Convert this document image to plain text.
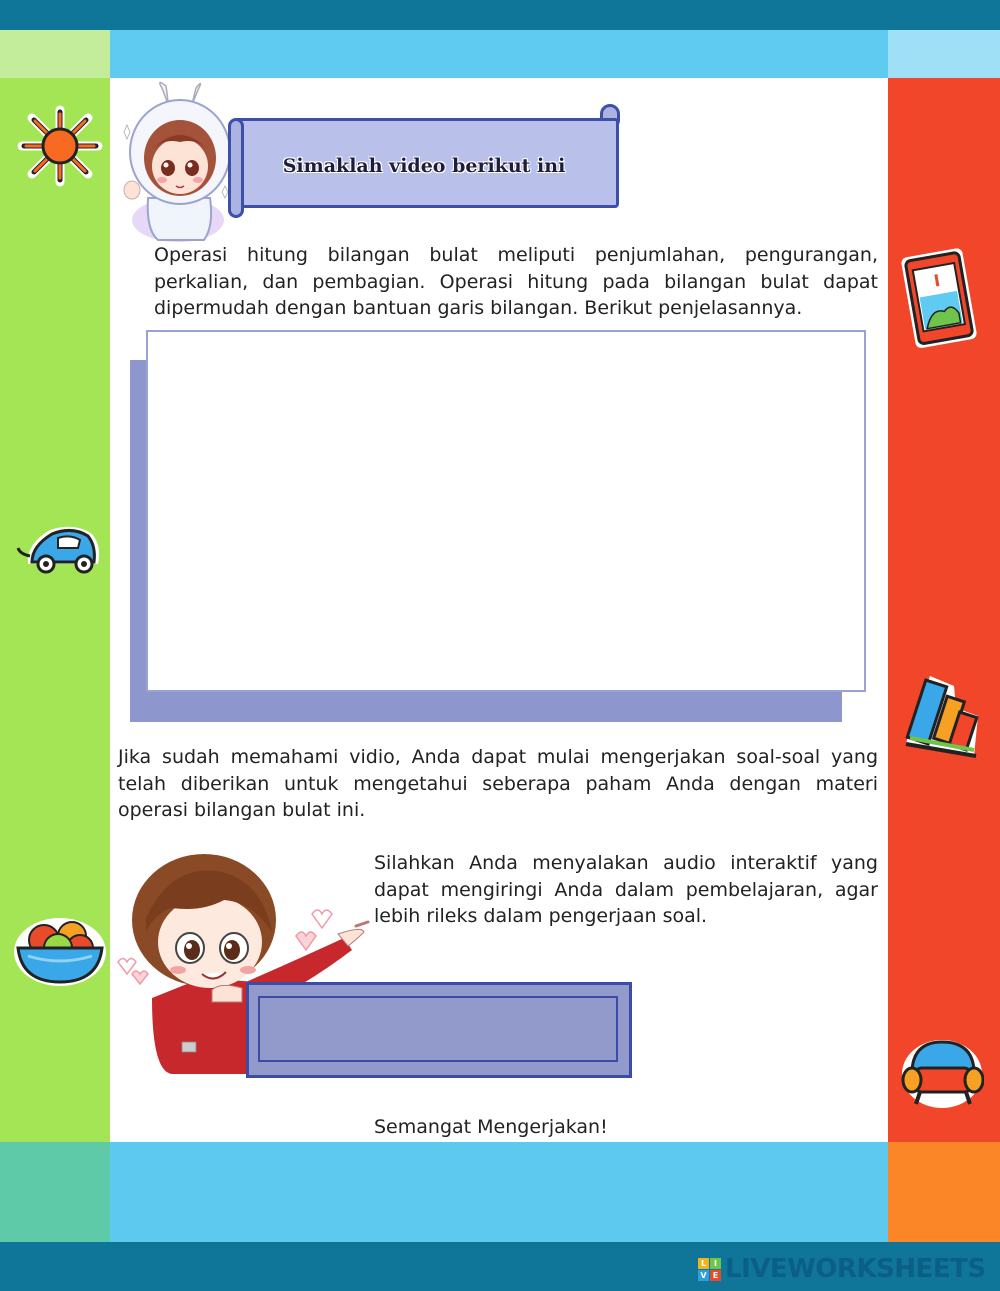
Simaklah video berikut ini
Operasi hitung bilangan bulat meliputi penjumlahan, pengurangan, perkalian, dan pembagian. Operasi hitung pada bilangan bulat dapat dipermudah dengan bantuan garis bilangan. Berikut penjelasannya.
Jika sudah memahami vidio, Anda dapat mulai mengerjakan soal-soal yang telah diberikan untuk mengetahui seberapa paham Anda dengan materi operasi bilangan bulat ini.
Silahkan Anda menyalakan audio interaktif yang dapat mengiringi Anda dalam pembelajaran, agar lebih rileks dalam pengerjaan soal.
Semangat Mengerjakan!
L I
V E LIVEWORKSHEETS
